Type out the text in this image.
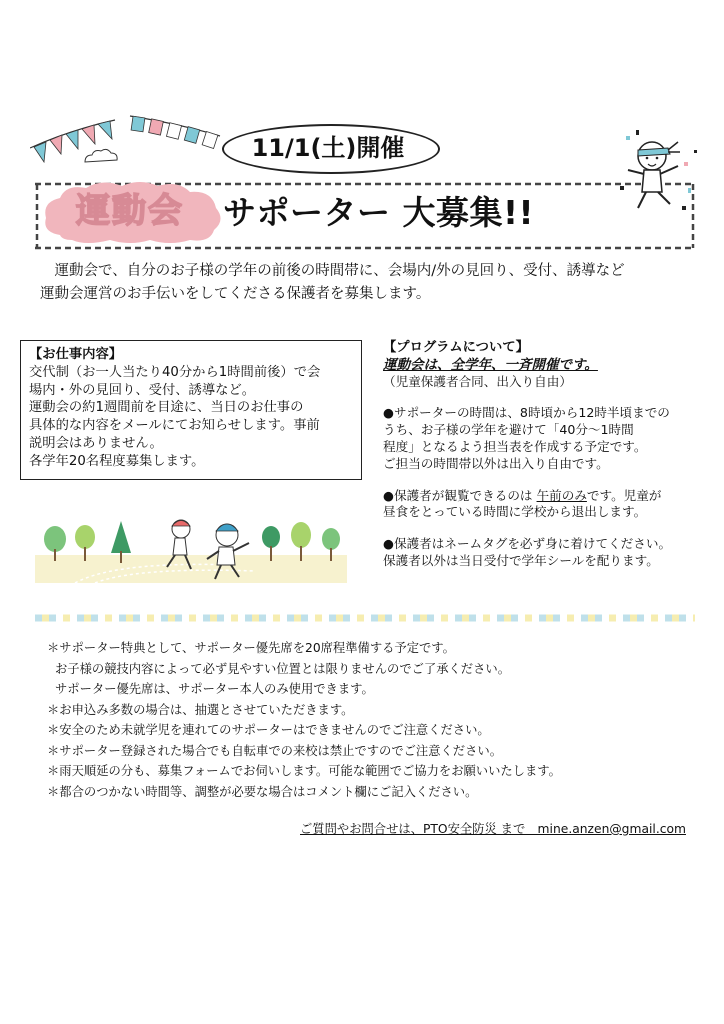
11/1(土)開催
運動会	サポーター 大募集!!

運動会で、自分のお子様の学年の前後の時間帯に、会場内/外の見回り、受付、誘導など

運動会運営のお手伝いをしてくださる保護者を募集します。

【お仕事内容】

交代制（お一人当たり40分から1時間前後）で会

場内・外の見回り、受付、誘導など。

運動会の約1週間前を目途に、当日のお仕事の

具体的な内容をメールにてお知らせします。事前

説明会はありません。

各学年20名程度募集します。

【プログラムについて】

運動会は、全学年、一斉開催です。

（児童保護者合同、出入り自由）

●サポーターの時間は、8時頃から12時半頃までの

うち、お子様の学年を避けて「40分～1時間

程度」となるよう担当表を作成する予定です。

ご担当の時間帯以外は出入り自由です。

●保護者が観覧できるのは 午前のみです。児童が

昼食をとっている時間に学校から退出します。

●保護者はネームタグを必ず身に着けてください。

保護者以外は当日受付で学年シールを配ります。

＊サポーター特典として、サポーター優先席を20席程準備する予定です。

お子様の競技内容によって必ず見やすい位置とは限りませんのでご了承ください。

サポーター優先席は、サポーター本人のみ使用できます。

＊お申込み多数の場合は、抽選とさせていただきます。

＊安全のため未就学児を連れてのサポーターはできませんのでご注意ください。

＊サポーター登録された場合でも自転車での来校は禁止ですのでご注意ください。

＊雨天順延の分も、募集フォームでお伺いします。可能な範囲でご協力をお願いいたします。

＊都合のつかない時間等、調整が必要な場合はコメント欄にご記入ください。

ご質問やお問合せは、PTO安全防災 まで　mine.anzen@gmail.com
